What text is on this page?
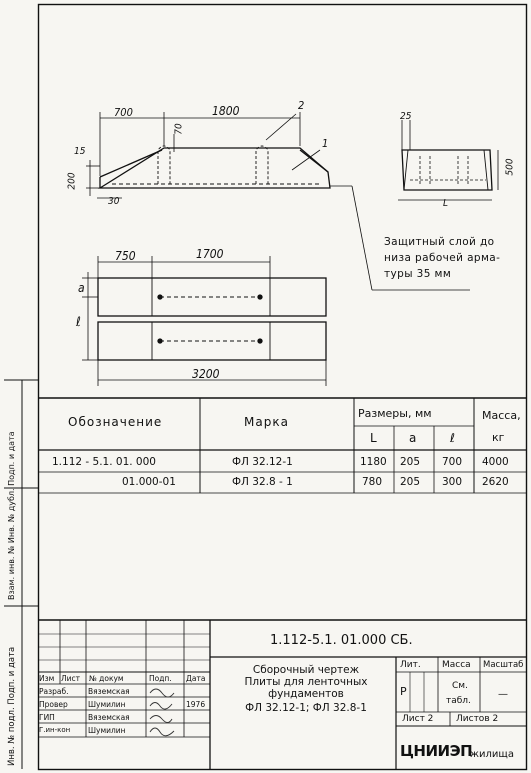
700	1800
70
15
200
30
2
1
25
500
L
Защитный слой до
низа рабочей арма-
туры 35 мм
750	1700
a
ℓ
3200
Обозначение	Марка
Размеры, мм
L	a	ℓ
Масса,
кг
1.112 - 5.1. 01. 000	ФЛ 32.12-1	1180 205 700 4000
01.000-01	ФЛ 32.8 - 1	780 205 300 2620
Инв. № подл. Подп. и дата
Взам. инв. № Инв. № дубл. Подп. и дата
1.112-5.1. 01.000 СБ.
Сборочный чертеж
Плиты для ленточных
фундаментов
ФЛ 32.12-1; ФЛ 32.8-1
Изм Лист № докум	Подп. Дата
Разраб.	Вяземская
Провер	Шумилин	1976
ГИП	Вяземская
Г.ин-кон Шумилин
Лит. Масса Масштаб
Р	См.
табл.
—
Лист 2	Листов 2
ЦНИИЭП
жилища
